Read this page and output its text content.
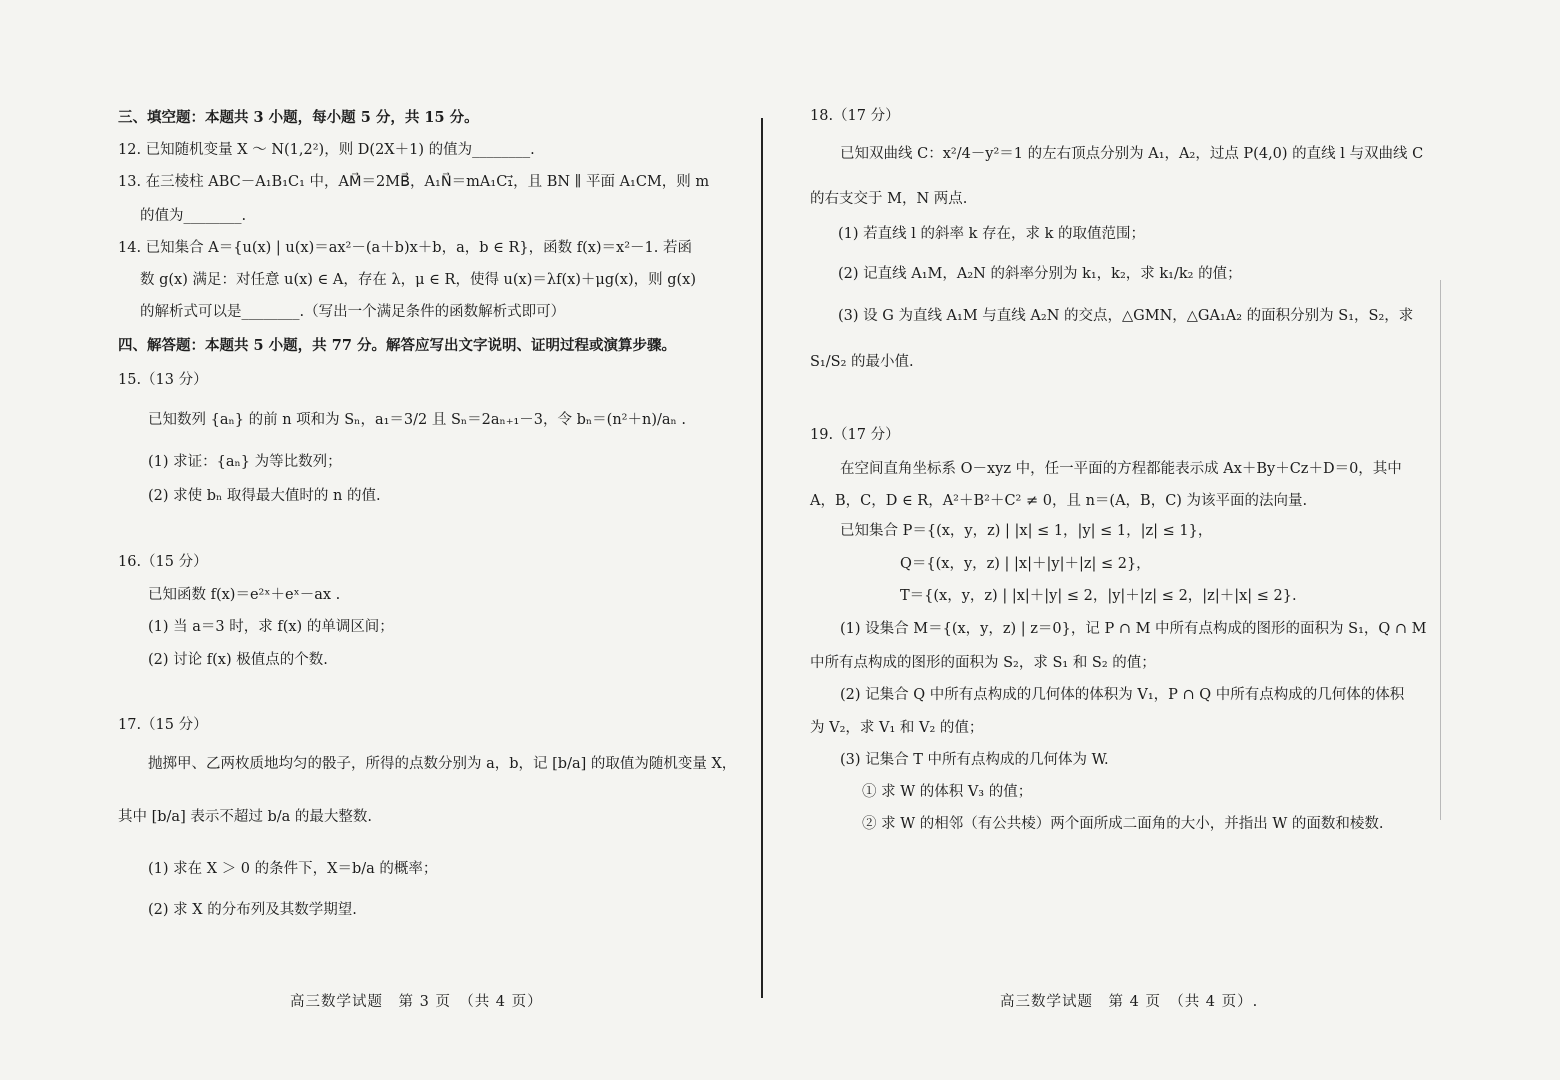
三、填空题：本题共 3 小题，每小题 5 分，共 15 分。
12. 已知随机变量 X ～ N(1,2²)，则 D(2X＋1) 的值为________.
13. 在三棱柱 ABC－A₁B₁C₁ 中，AM⃗＝2MB⃗，A₁N⃗＝mA₁C₁⃗，且 BN ∥ 平面 A₁CM，则 m
的值为________.
14. 已知集合 A＝{u(x) | u(x)＝ax²－(a＋b)x＋b，a，b ∈ R}，函数 f(x)＝x²－1. 若函
数 g(x) 满足：对任意 u(x) ∈ A，存在 λ，μ ∈ R，使得 u(x)＝λf(x)＋μg(x)，则 g(x)
的解析式可以是________.（写出一个满足条件的函数解析式即可）
四、解答题：本题共 5 小题，共 77 分。解答应写出文字说明、证明过程或演算步骤。
15.（13 分）
已知数列 {aₙ} 的前 n 项和为 Sₙ，a₁＝3/2 且 Sₙ＝2aₙ₊₁－3，令 bₙ＝(n²＋n)/aₙ .
(1) 求证：{aₙ} 为等比数列；
(2) 求使 bₙ 取得最大值时的 n 的值.
16.（15 分）
已知函数 f(x)＝e²ˣ＋eˣ－ax .
(1) 当 a＝3 时，求 f(x) 的单调区间；
(2) 讨论 f(x) 极值点的个数.
17.（15 分）
抛掷甲、乙两枚质地均匀的骰子，所得的点数分别为 a，b，记 [b/a] 的取值为随机变量 X，
其中 [b/a] 表示不超过 b/a 的最大整数.
(1) 求在 X ＞ 0 的条件下，X＝b/a 的概率；
(2) 求 X 的分布列及其数学期望.
高三数学试题　第 3 页　（共 4 页）
18.（17 分）
已知双曲线 C：x²/4－y²＝1 的左右顶点分别为 A₁，A₂，过点 P(4,0) 的直线 l 与双曲线 C
的右支交于 M，N 两点.
(1) 若直线 l 的斜率 k 存在，求 k 的取值范围；
(2) 记直线 A₁M，A₂N 的斜率分别为 k₁，k₂，求 k₁/k₂ 的值；
(3) 设 G 为直线 A₁M 与直线 A₂N 的交点，△GMN，△GA₁A₂ 的面积分别为 S₁，S₂，求
S₁/S₂ 的最小值.
19.（17 分）
在空间直角坐标系 O－xyz 中，任一平面的方程都能表示成 Ax＋By＋Cz＋D＝0，其中
A，B，C，D ∈ R，A²＋B²＋C² ≠ 0，且 n＝(A，B，C) 为该平面的法向量.
已知集合 P＝{(x，y，z) | |x| ≤ 1，|y| ≤ 1，|z| ≤ 1}，
Q＝{(x，y，z) | |x|＋|y|＋|z| ≤ 2}，
T＝{(x，y，z) | |x|＋|y| ≤ 2，|y|＋|z| ≤ 2，|z|＋|x| ≤ 2}.
(1) 设集合 M＝{(x，y，z) | z＝0}，记 P ∩ M 中所有点构成的图形的面积为 S₁，Q ∩ M
中所有点构成的图形的面积为 S₂，求 S₁ 和 S₂ 的值；
(2) 记集合 Q 中所有点构成的几何体的体积为 V₁，P ∩ Q 中所有点构成的几何体的体积
为 V₂，求 V₁ 和 V₂ 的值；
(3) 记集合 T 中所有点构成的几何体为 W.
① 求 W 的体积 V₃ 的值；
② 求 W 的相邻（有公共棱）两个面所成二面角的大小，并指出 W 的面数和棱数.
高三数学试题　第 4 页　（共 4 页）.
